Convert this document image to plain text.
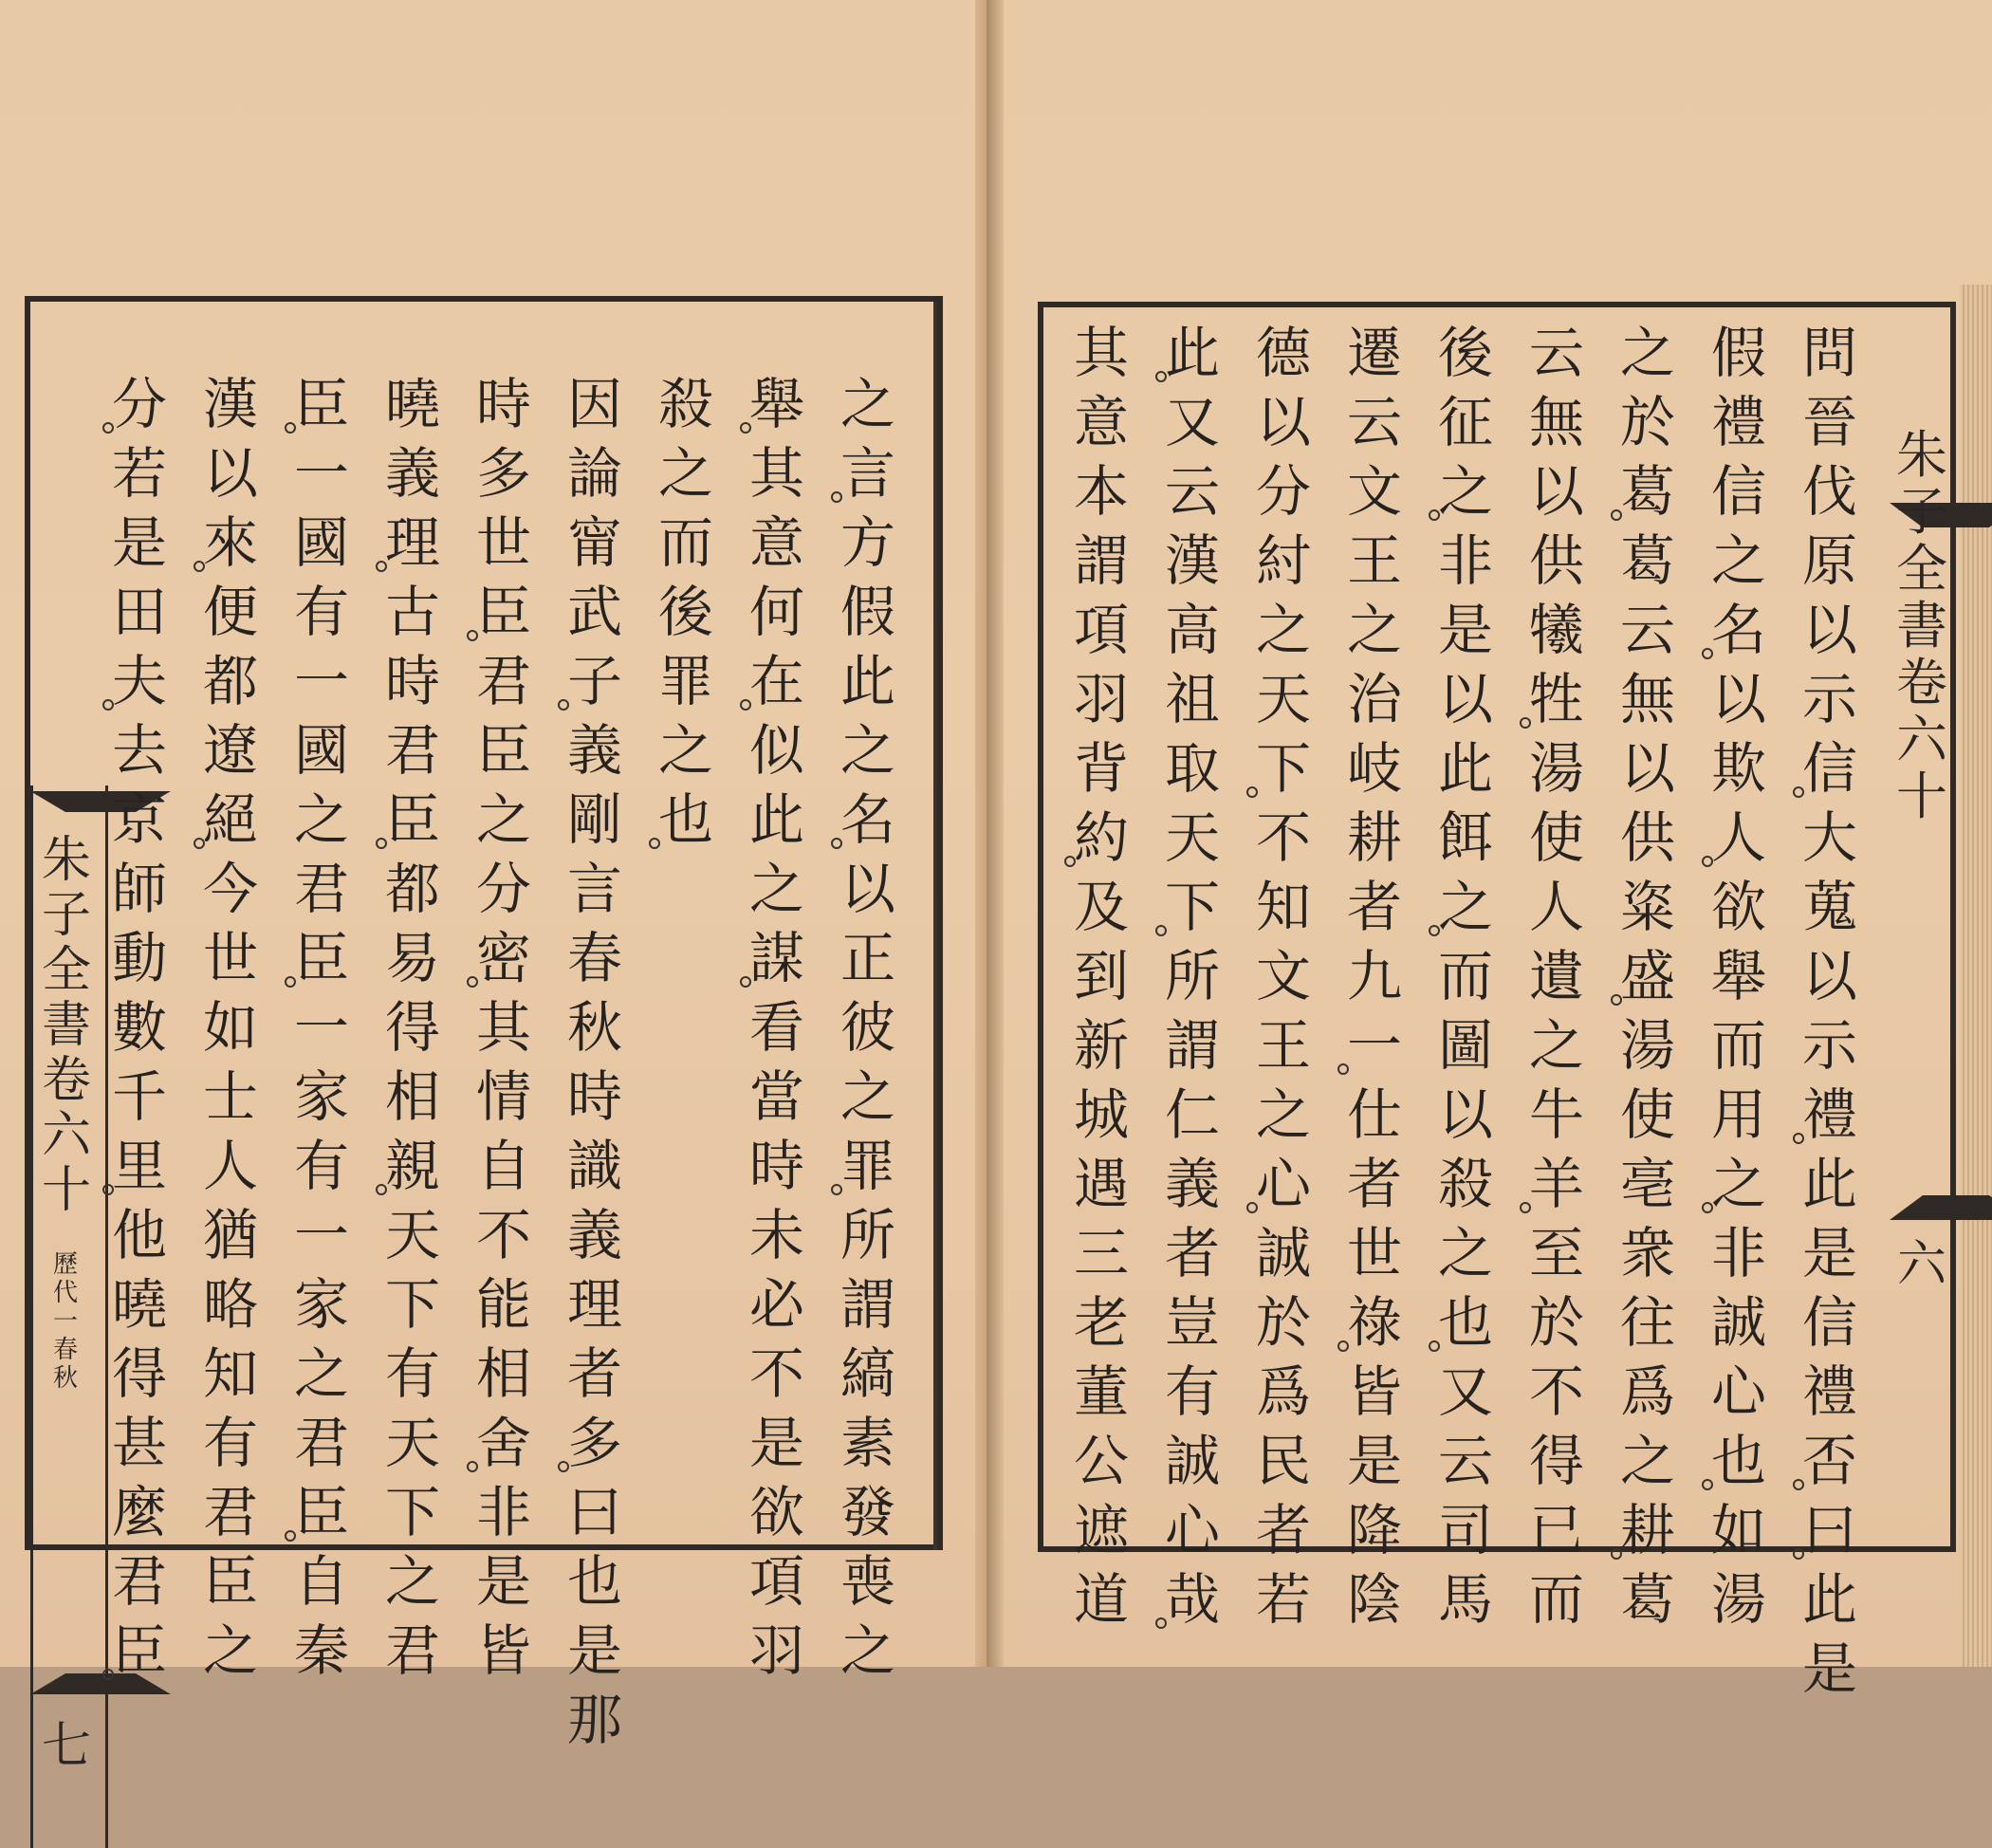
朱
子
全
書
卷
六
十
歷
代
一
春
秋
七
之
言
方
假
此
之
名
以
正
彼
之
罪
所
謂
縞
素
發
喪
之
舉
其
意
何
在
似
此
之
謀
看
當
時
未
必
不
是
欲
項
羽
殺
之
而
後
罪
之
也
因
論
甯
武
子
義
剛
言
春
秋
時
識
義
理
者
多
曰
也
是
那
時
多
世
臣
君
臣
之
分
密
其
情
自
不
能
相
舍
非
是
皆
曉
義
理
古
時
君
臣
都
易
得
相
親
天
下
有
天
下
之
君
臣
一
國
有
一
國
之
君
臣
一
家
有
一
家
之
君
臣
自
秦
漢
以
來
便
都
遼
絕
今
世
如
士
人
猶
略
知
有
君
臣
之
分
若
是
田
夫
去
京
師
動
數
千
里
他
曉
得
甚
麼
君
臣
問
晉
伐
原
以
示
信
大
蒐
以
示
禮
此
是
信
禮
否
曰
此
是
假
禮
信
之
名
以
欺
人
欲
舉
而
用
之
非
誠
心
也
如
湯
之
於
葛
葛
云
無
以
供
粢
盛
湯
使
亳
衆
往
爲
之
耕
葛
云
無
以
供
犧
牲
湯
使
人
遺
之
牛
羊
至
於
不
得
已
而
後
征
之
非
是
以
此
餌
之
而
圖
以
殺
之
也
又
云
司
馬
遷
云
文
王
之
治
岐
耕
者
九
一
仕
者
世
祿
皆
是
降
陰
德
以
分
紂
之
天
下
不
知
文
王
之
心
誠
於
爲
民
者
若
此
又
云
漢
高
祖
取
天
下
所
謂
仁
義
者
豈
有
誠
心
哉
其
意
本
謂
項
羽
背
約
及
到
新
城
遇
三
老
董
公
遮
道
朱
子
全
書
卷
六
十
六
